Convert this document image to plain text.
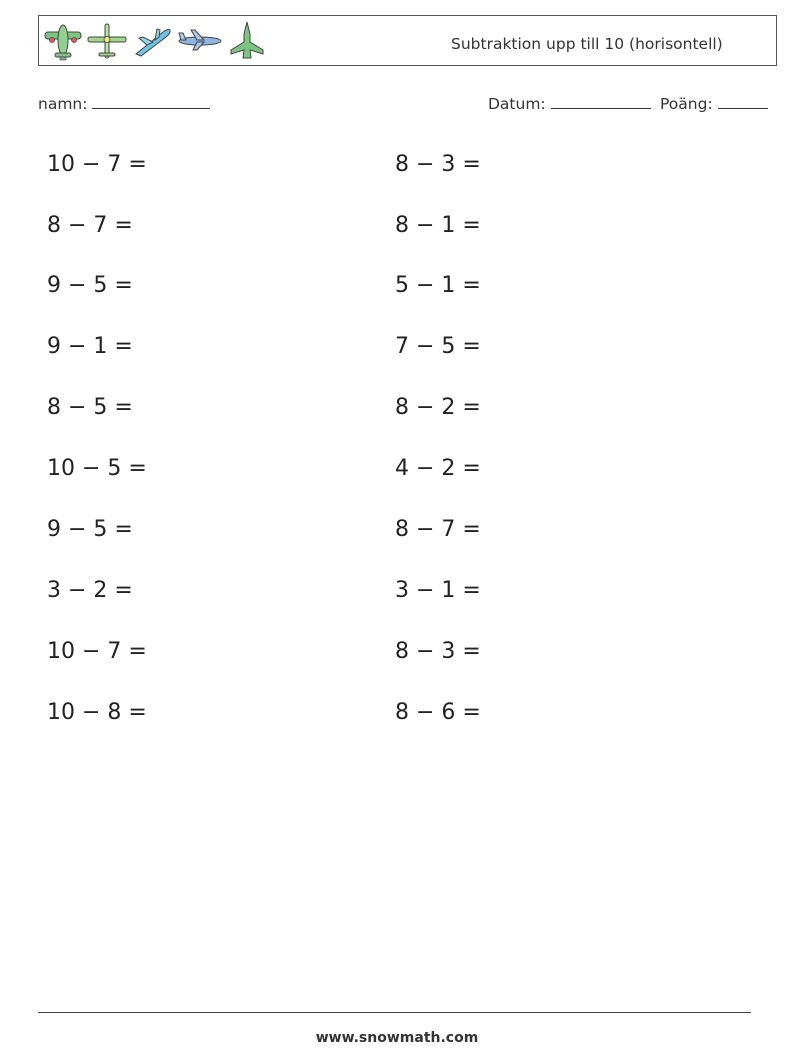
Subtraktion upp till 10 (horisontell)
namn:	Datum:	Poäng:
10 − 7 =
8 − 7 =
9 − 5 =
9 − 1 =
8 − 5 =
10 − 5 =
9 − 5 =
3 − 2 =
10 − 7 =
10 − 8 =
8 − 3 =
8 − 1 =
5 − 1 =
7 − 5 =
8 − 2 =
4 − 2 =
8 − 7 =
3 − 1 =
8 − 3 =
8 − 6 =
www.snowmath.com
